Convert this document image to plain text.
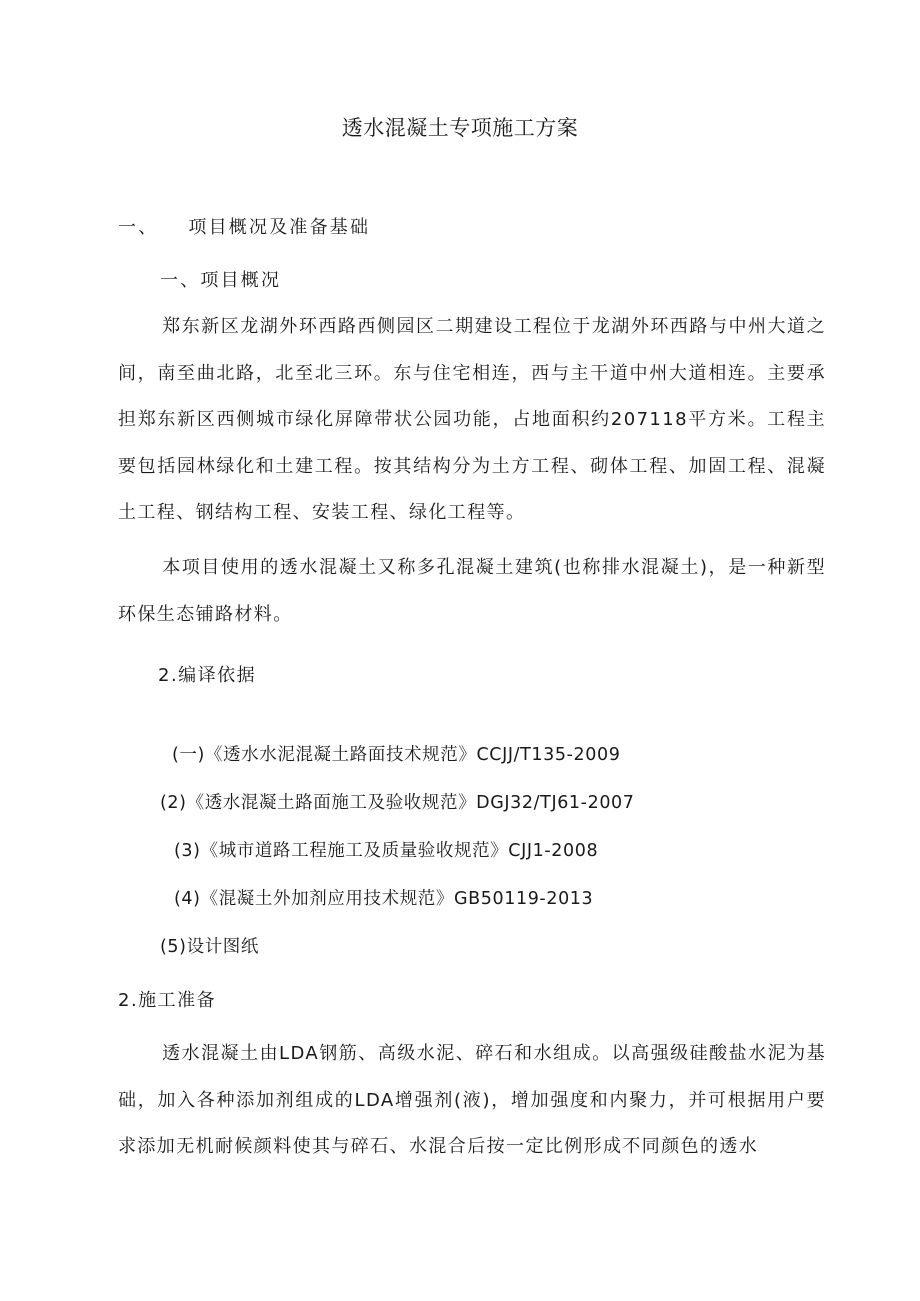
透水混凝土专项施工方案
一、 项目概况及准备基础
一、项目概况

郑东新区龙湖外环西路西侧园区二期建设工程位于龙湖外环西路与中州大道之间，南至曲北路，北至北三环。东与住宅相连，西与主干道中州大道相连。主要承担郑东新区西侧城市绿化屏障带状公园功能，占地面积约207118平方米。工程主要包括园林绿化和土建工程。按其结构分为土方工程、砌体工程、加固工程、混凝土工程、钢结构工程、安装工程、绿化工程等。

本项目使用的透水混凝土又称多孔混凝土建筑(也称排水混凝土)，是一种新型环保生态铺路材料。

2.编译依据
(一)《透水水泥混凝土路面技术规范》CCJJ/T135-2009
(2)《透水混凝土路面施工及验收规范》DGJ32/TJ61-2007
(3)《城市道路工程施工及质量验收规范》CJJ1-2008
(4)《混凝土外加剂应用技术规范》GB50119-2013
(5)设计图纸
2.施工准备

透水混凝土由LDA钢筋、高级水泥、碎石和水组成。以高强级硅酸盐水泥为基础，加入各种添加剂组成的LDA增强剂(液)，增加强度和内聚力，并可根据用户要求添加无机耐候颜料使其与碎石、水混合后按一定比例形成不同颜色的透水
